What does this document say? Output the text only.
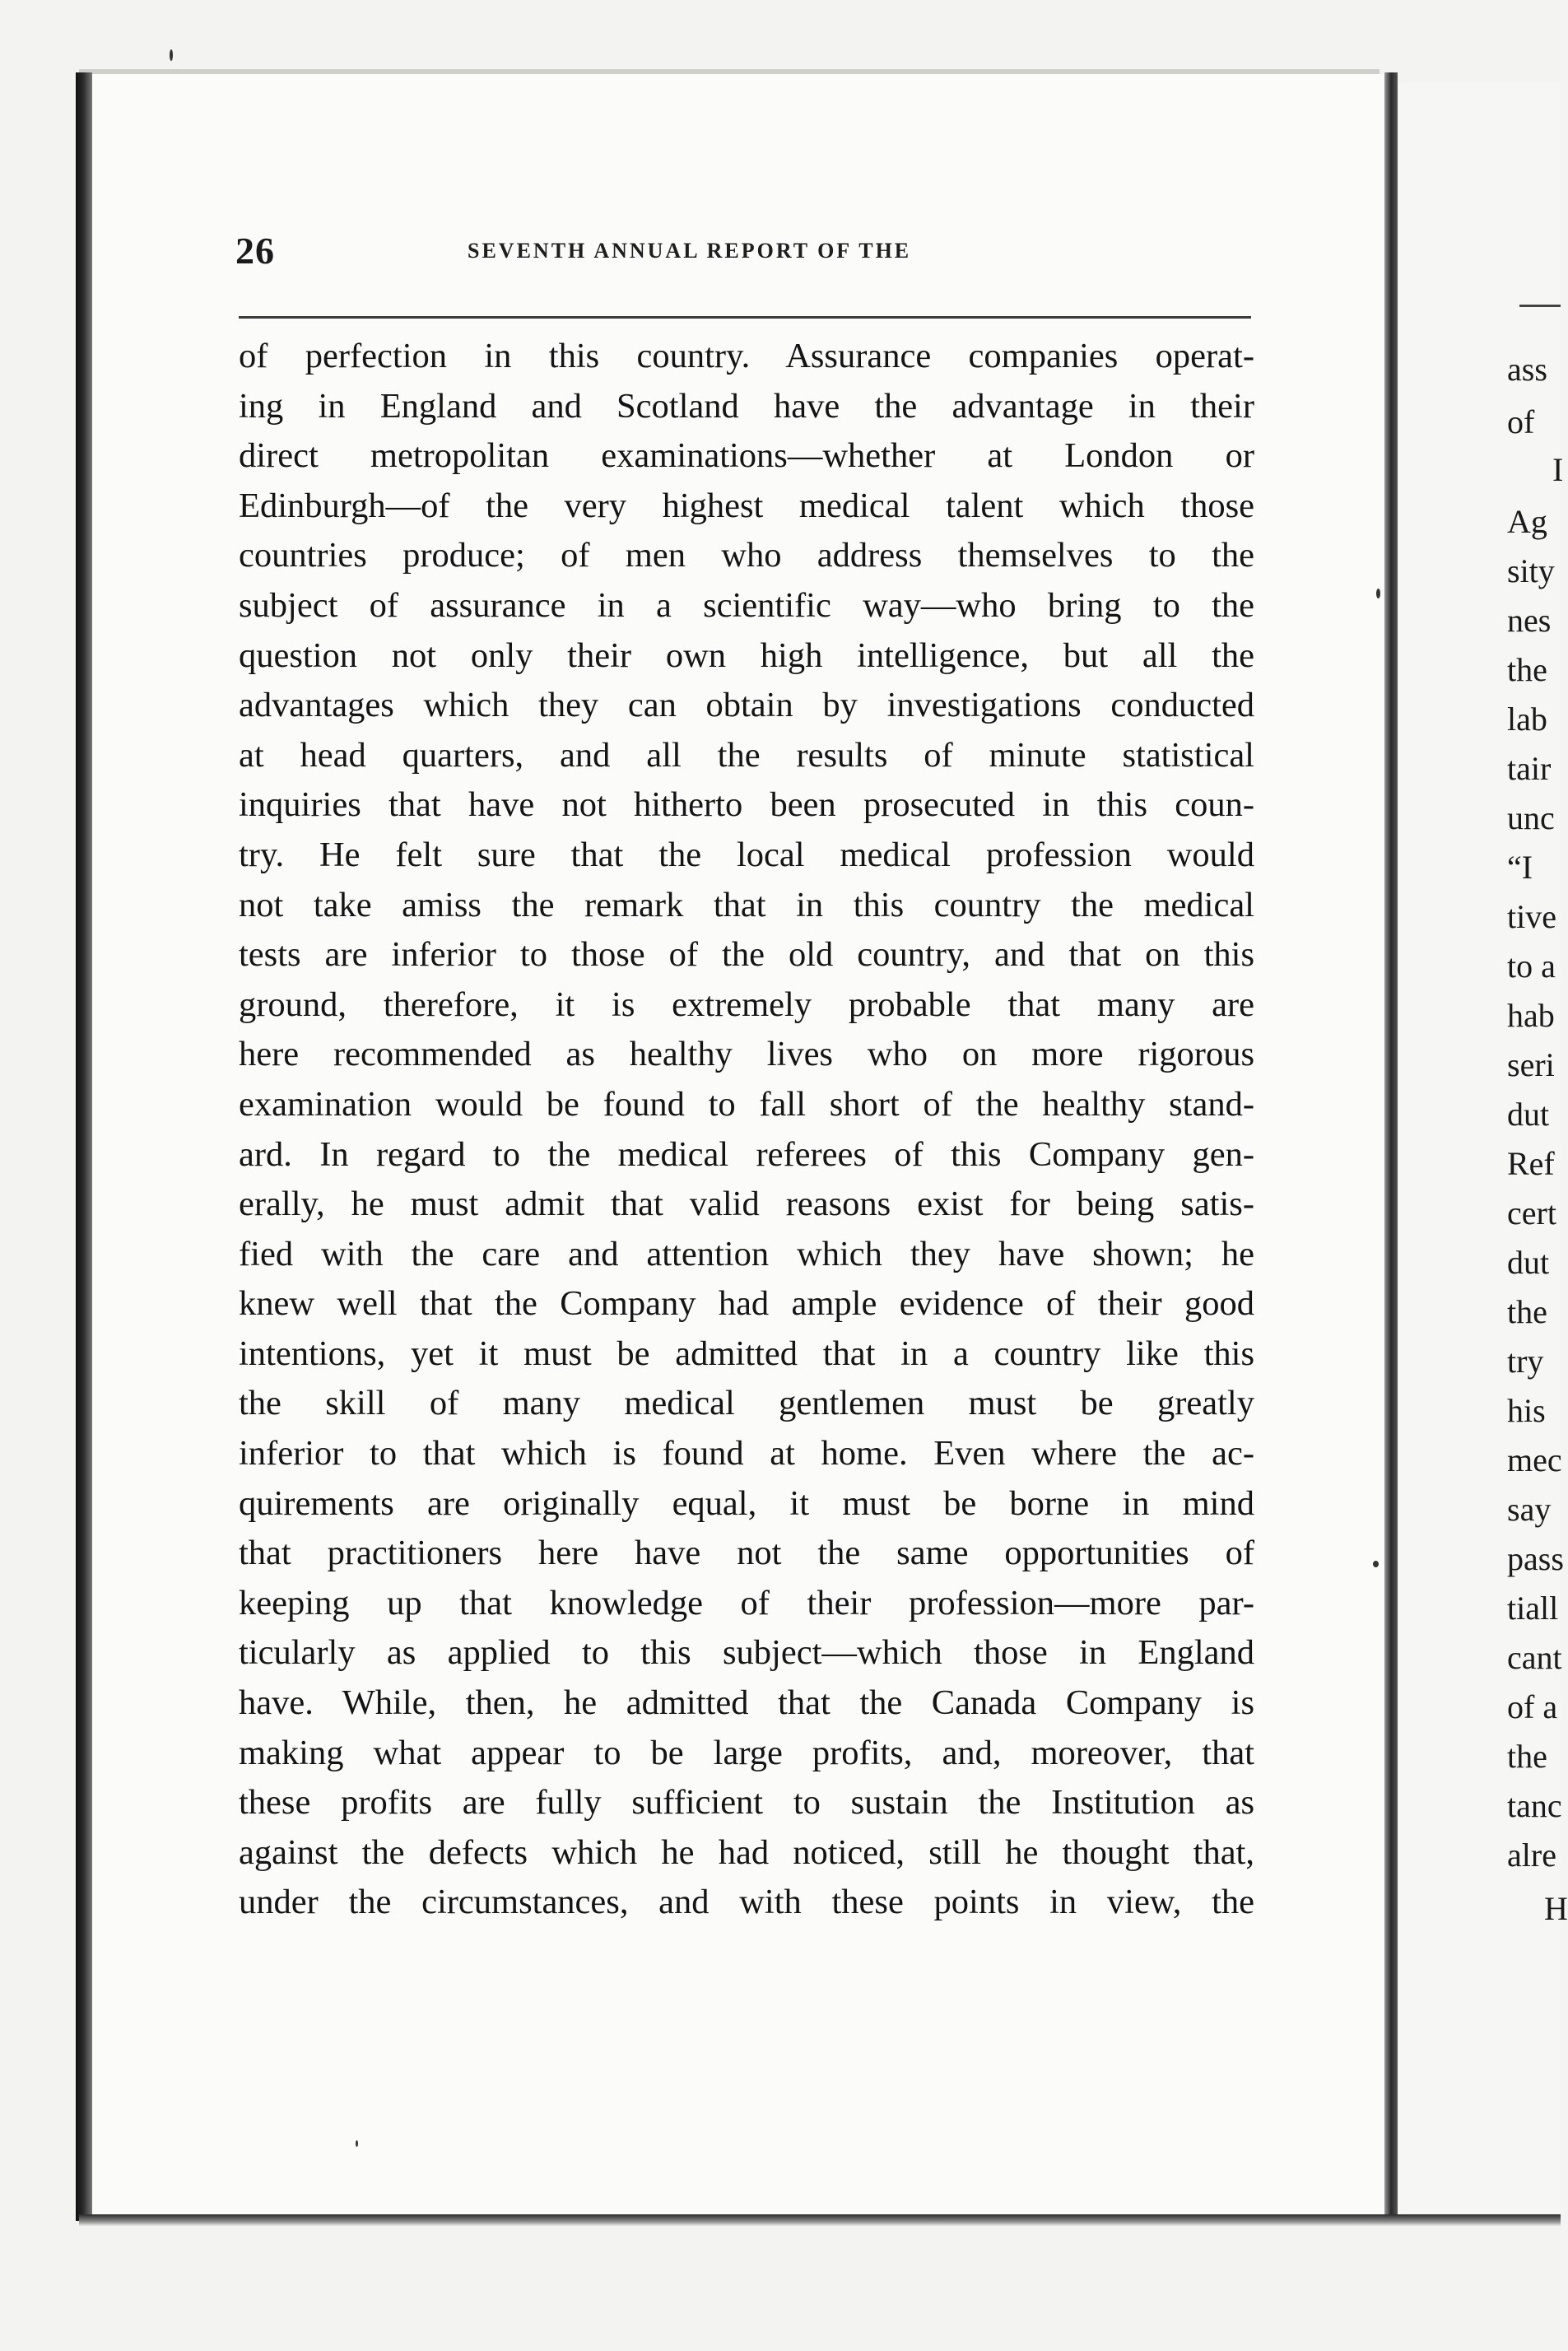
26	SEVENTH ANNUAL REPORT OF THE
of perfection in this country. Assurance companies operat-
ing in England and Scotland have the advantage in their
direct metropolitan examinations—whether at London or
Edinburgh—of the very highest medical talent which those
countries produce; of men who address themselves to the
subject of assurance in a scientific way—who bring to the
question not only their own high intelligence, but all the
advantages which they can obtain by investigations conducted
at head quarters, and all the results of minute statistical
inquiries that have not hitherto been prosecuted in this coun-
try. He felt sure that the local medical profession would
not take amiss the remark that in this country the medical
tests are inferior to those of the old country, and that on this
ground, therefore, it is extremely probable that many are
here recommended as healthy lives who on more rigorous
examination would be found to fall short of the healthy stand-
ard. In regard to the medical referees of this Company gen-
erally, he must admit that valid reasons exist for being satis-
fied with the care and attention which they have shown; he
knew well that the Company had ample evidence of their good
intentions, yet it must be admitted that in a country like this
the skill of many medical gentlemen must be greatly
inferior to that which is found at home. Even where the ac-
quirements are originally equal, it must be borne in mind
that practitioners here have not the same opportunities of
keeping up that knowledge of their profession—more par-
ticularly as applied to this subject—which those in England
have. While, then, he admitted that the Canada Company is
making what appear to be large profits, and, moreover, that
these profits are fully sufficient to sustain the Institution as
against the defects which he had noticed, still he thought that,
under the circumstances, and with these points in view, the
ass
of
I
Ag
sity
nes
the
lab
tair
unc
“I
tive
to a
hab
seri
dut
Ref
cert
dut
the
try
his
mec
say
pass
tiall
cant
of a
the
tanc
alre
H
